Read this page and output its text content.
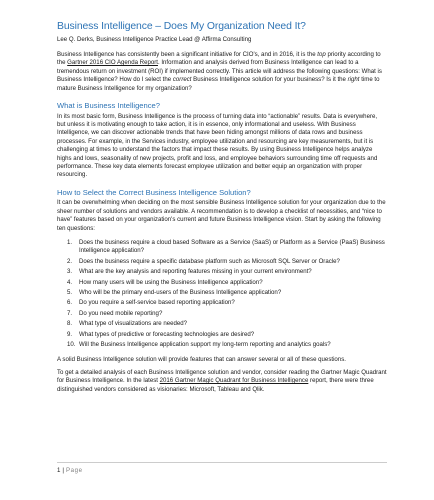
Business Intelligence – Does My Organization Need It?

Lee Q. Derks, Business Intelligence Practice Lead @ Affirma Consulting

Business Intelligence has consistently been a significant initiative for CIO's, and in 2016, it is the top priority according to the Gartner 2016 CIO Agenda Report. Information and analysis derived from Business Intelligence can lead to a tremendous return on investment (ROI) if implemented correctly. This article will address the following questions: What is Business Intelligence? How do I select the correct Business Intelligence solution for your business? Is it the right time to mature Business Intelligence for my organization?

What is Business Intelligence?

In its most basic form, Business Intelligence is the process of turning data into “actionable” results. Data is everywhere, but unless it is motivating enough to take action, it is in essence, only informational and useless. With Business Intelligence, we can discover actionable trends that have been hiding amongst millions of data rows and business processes. For example, in the Services industry, employee utilization and resourcing are key measurements, but it is challenging at times to understand the factors that impact these results. By using Business Intelligence helps analyze highs and lows, seasonality of new projects, profit and loss, and employee behaviors surrounding time off requests and performance. These key data elements forecast employee utilization and better equip an organization with proper resourcing.

How to Select the Correct Business Intelligence Solution?

It can be overwhelming when deciding on the most sensible Business Intelligence solution for your organization due to the sheer number of solutions and vendors available. A recommendation is to develop a checklist of necessities, and “nice to have” features based on your organization's current and future Business Intelligence vision. Start by asking the following ten questions:

1. Does the business require a cloud based Software as a Service (SaaS) or Platform as a Service (PaaS) Business Intelligence application?
2. Does the business require a specific database platform such as Microsoft SQL Server or Oracle?
3. What are the key analysis and reporting features missing in your current environment?
4. How many users will be using the Business Intelligence application?
5. Who will be the primary end-users of the Business Intelligence application?
6. Do you require a self-service based reporting application?
7. Do you need mobile reporting?
8. What type of visualizations are needed?
9. What types of predictive or forecasting technologies are desired?
10. Will the Business Intelligence application support my long-term reporting and analytics goals?

A solid Business Intelligence solution will provide features that can answer several or all of these questions.

To get a detailed analysis of each Business Intelligence solution and vendor, consider reading the Gartner Magic Quadrant for Business Intelligence. In the latest 2016 Gartner Magic Quadrant for Business Intelligence report, there were three distinguished vendors considered as visionaries: Microsoft, Tableau and Qlik.

1 | Page
